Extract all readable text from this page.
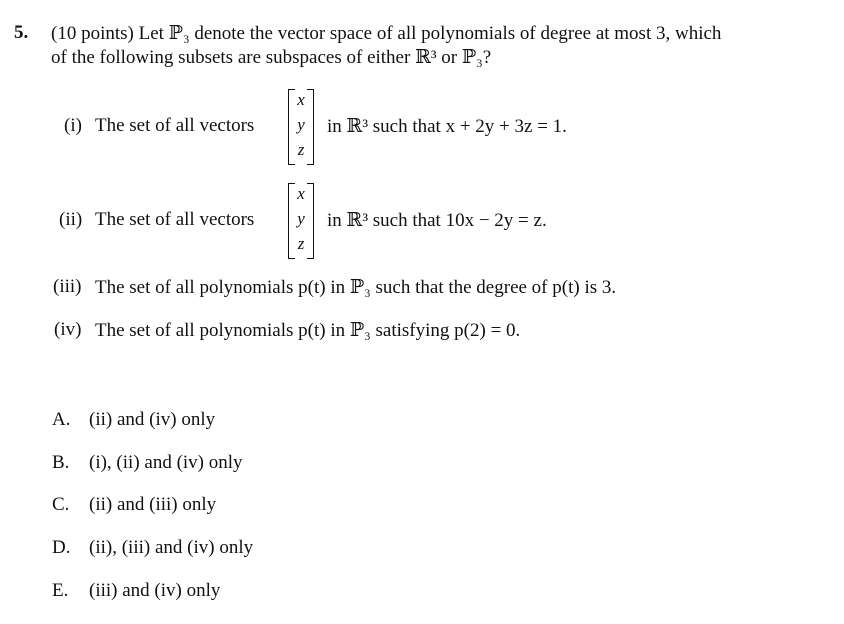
5. (10 points) Let ℙ₃ denote the vector space of all polynomials of degree at most 3, which
of the following subsets are subspaces of either ℝ³ or ℙ₃?
(i) The set of all vectors
x
y
z
in ℝ³ such that x + 2y + 3z = 1.
(ii) The set of all vectors
x
y
z
in ℝ³ such that 10x − 2y = z.
(iii) The set of all polynomials p(t) in ℙ₃ such that the degree of p(t) is 3.
(iv) The set of all polynomials p(t) in ℙ₃ satisfying p(2) = 0.
A. (ii) and (iv) only
B. (i), (ii) and (iv) only
C. (ii) and (iii) only
D. (ii), (iii) and (iv) only
E. (iii) and (iv) only
